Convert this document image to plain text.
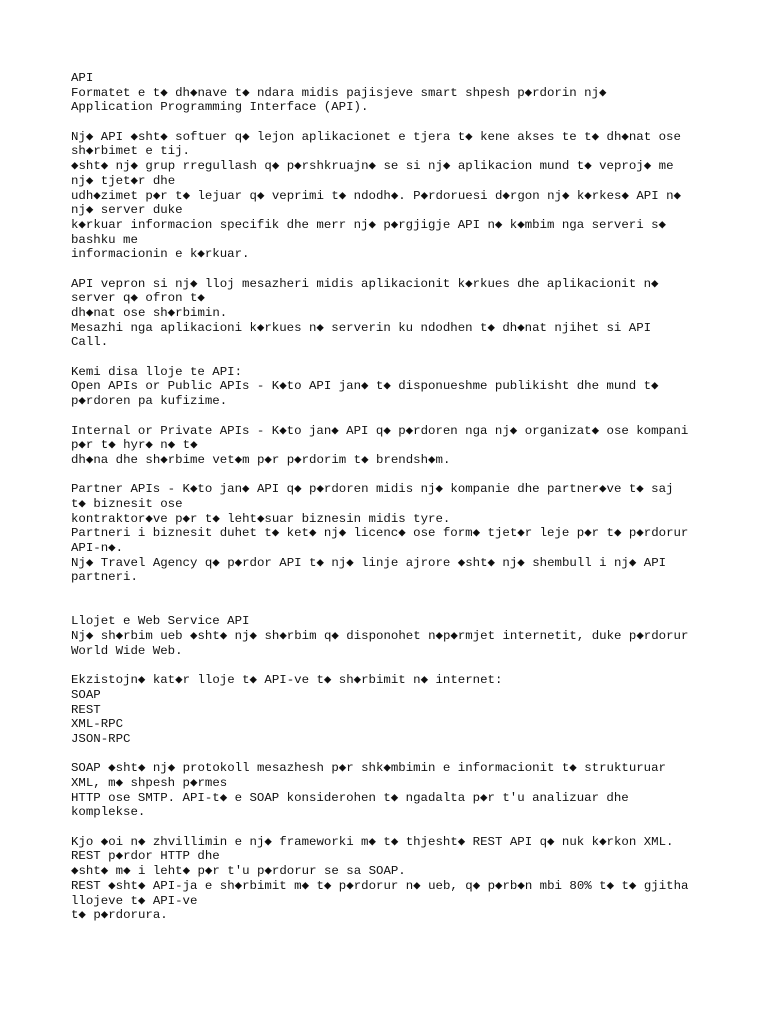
API
Formatet e t◆ dh◆nave t◆ ndara midis pajisjeve smart shpesh p◆rdorin nj◆
Application Programming Interface (API).
Nj◆ API ◆sht◆ softuer q◆ lejon aplikacionet e tjera t◆ kene akses te t◆ dh◆nat ose
sh◆rbimet e tij.
◆sht◆ nj◆ grup rregullash q◆ p◆rshkruajn◆ se si nj◆ aplikacion mund t◆ veproj◆ me
nj◆ tjet◆r dhe
udh◆zimet p◆r t◆ lejuar q◆ veprimi t◆ ndodh◆. P◆rdoruesi d◆rgon nj◆ k◆rkes◆ API n◆
nj◆ server duke
k◆rkuar informacion specifik dhe merr nj◆ p◆rgjigje API n◆ k◆mbim nga serveri s◆
bashku me
informacionin e k◆rkuar.
API vepron si nj◆ lloj mesazheri midis aplikacionit k◆rkues dhe aplikacionit n◆
server q◆ ofron t◆
dh◆nat ose sh◆rbimin.
Mesazhi nga aplikacioni k◆rkues n◆ serverin ku ndodhen t◆ dh◆nat njihet si API
Call.
Kemi disa lloje te API:
Open APIs or Public APIs - K◆to API jan◆ t◆ disponueshme publikisht dhe mund t◆
p◆rdoren pa kufizime.
Internal or Private APIs - K◆to jan◆ API q◆ p◆rdoren nga nj◆ organizat◆ ose kompani
p◆r t◆ hyr◆ n◆ t◆
dh◆na dhe sh◆rbime vet◆m p◆r p◆rdorim t◆ brendsh◆m.
Partner APIs - K◆to jan◆ API q◆ p◆rdoren midis nj◆ kompanie dhe partner◆ve t◆ saj
t◆ biznesit ose
kontraktor◆ve p◆r t◆ leht◆suar biznesin midis tyre.
Partneri i biznesit duhet t◆ ket◆ nj◆ licenc◆ ose form◆ tjet◆r leje p◆r t◆ p◆rdorur
API-n◆.
Nj◆ Travel Agency q◆ p◆rdor API t◆ nj◆ linje ajrore ◆sht◆ nj◆ shembull i nj◆ API
partneri.
Llojet e Web Service API
Nj◆ sh◆rbim ueb ◆sht◆ nj◆ sh◆rbim q◆ disponohet n◆p◆rmjet internetit, duke p◆rdorur
World Wide Web.
Ekzistojn◆ kat◆r lloje t◆ API-ve t◆ sh◆rbimit n◆ internet:
SOAP
REST
XML-RPC
JSON-RPC
SOAP ◆sht◆ nj◆ protokoll mesazhesh p◆r shk◆mbimin e informacionit t◆ strukturuar
XML, m◆ shpesh p◆rmes
HTTP ose SMTP. API-t◆ e SOAP konsiderohen t◆ ngadalta p◆r t'u analizuar dhe
komplekse.
Kjo ◆oi n◆ zhvillimin e nj◆ frameworki m◆ t◆ thjesht◆ REST API q◆ nuk k◆rkon XML.
REST p◆rdor HTTP dhe
◆sht◆ m◆ i leht◆ p◆r t'u p◆rdorur se sa SOAP.
REST ◆sht◆ API-ja e sh◆rbimit m◆ t◆ p◆rdorur n◆ ueb, q◆ p◆rb◆n mbi 80% t◆ t◆ gjitha
llojeve t◆ API-ve
t◆ p◆rdorura.
